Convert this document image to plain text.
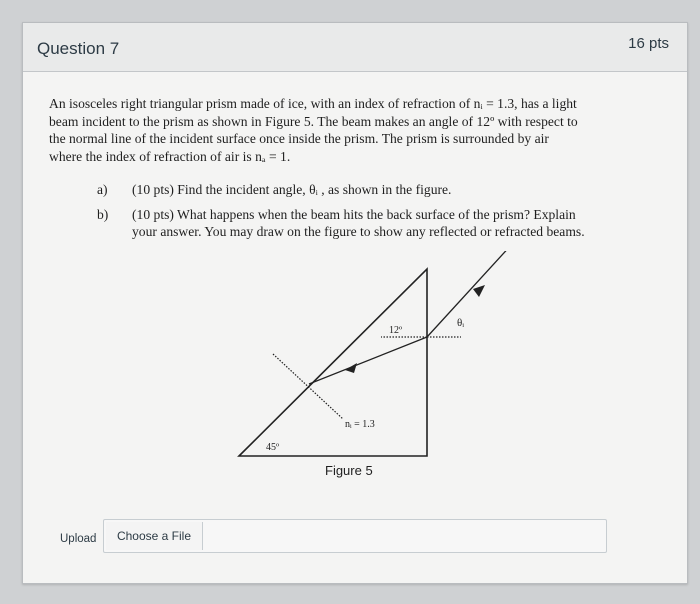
Question 7	16 pts

An isosceles right triangular prism made of ice, with an index of refraction of nᵢ = 1.3, has a light

beam incident to the prism as shown in Figure 5. The beam makes an angle of 12º with respect to

the normal line of the incident surface once inside the prism. The prism is surrounded by air

where the index of refraction of air is nₐ = 1.

a) (10 pts) Find the incident angle, θᵢ , as shown in the figure.
b) (10 pts) What happens when the beam hits the back surface of the prism? Explain
your answer. You may draw on the figure to show any reflected or refracted beams.
12º
θᵢ
45º
nᵢ = 1.3
Figure 5
Upload	Choose a File
